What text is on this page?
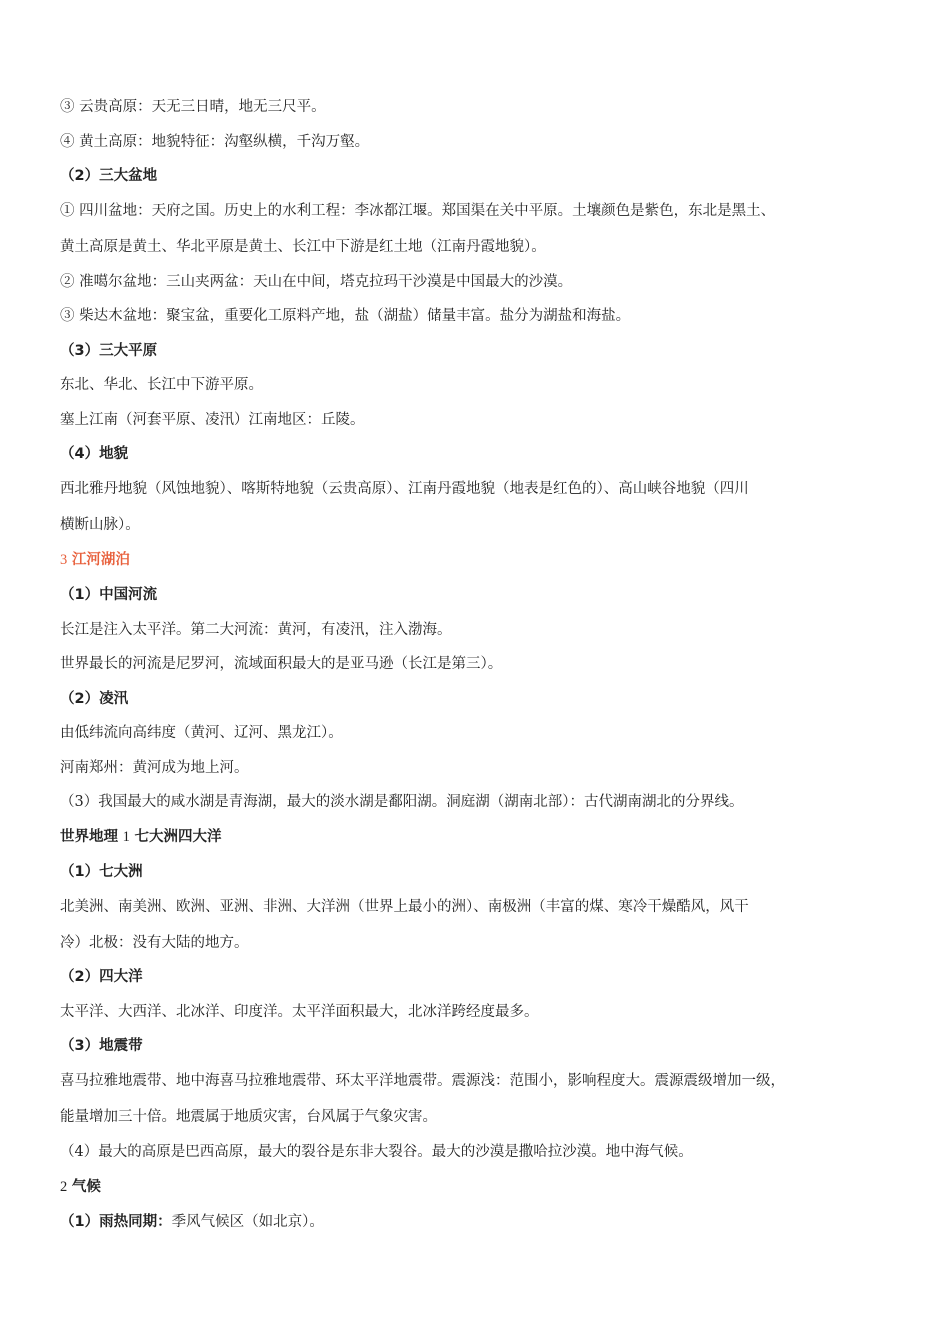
③ 云贵高原：天无三日晴，地无三尺平。
④ 黄土高原：地貌特征：沟壑纵横，千沟万壑。
（2）三大盆地
① 四川盆地：天府之国。历史上的水利工程：李冰都江堰。郑国渠在关中平原。土壤颜色是紫色，东北是黑土、
黄土高原是黄土、华北平原是黄土、长江中下游是红土地（江南丹霞地貌）。
② 准噶尔盆地：三山夹两盆：天山在中间，塔克拉玛干沙漠是中国最大的沙漠。
③ 柴达木盆地：聚宝盆，重要化工原料产地，盐（湖盐）储量丰富。盐分为湖盐和海盐。
（3）三大平原
东北、华北、长江中下游平原。
塞上江南（河套平原、凌汛）江南地区：丘陵。
（4）地貌
西北雅丹地貌（风蚀地貌）、喀斯特地貌（云贵高原）、江南丹霞地貌（地表是红色的）、高山峡谷地貌（四川
横断山脉）。
3 江河湖泊
（1）中国河流
长江是注入太平洋。第二大河流：黄河，有凌汛，注入渤海。
世界最长的河流是尼罗河，流域面积最大的是亚马逊（长江是第三）。
（2）凌汛
由低纬流向高纬度（黄河、辽河、黑龙江）。
河南郑州：黄河成为地上河。
（3）我国最大的咸水湖是青海湖，最大的淡水湖是鄱阳湖。洞庭湖（湖南北部）：古代湖南湖北的分界线。
世界地理 1 七大洲四大洋
（1）七大洲
北美洲、南美洲、欧洲、亚洲、非洲、大洋洲（世界上最小的洲）、南极洲（丰富的煤、寒冷干燥酷风，风干
冷）北极：没有大陆的地方。
（2）四大洋
太平洋、大西洋、北冰洋、印度洋。太平洋面积最大，北冰洋跨经度最多。
（3）地震带
喜马拉雅地震带、地中海喜马拉雅地震带、环太平洋地震带。震源浅：范围小，影响程度大。震源震级增加一级，
能量增加三十倍。地震属于地质灾害，台风属于气象灾害。
（4）最大的高原是巴西高原，最大的裂谷是东非大裂谷。最大的沙漠是撒哈拉沙漠。地中海气候。
2 气候
（1）雨热同期：季风气候区（如北京）。
